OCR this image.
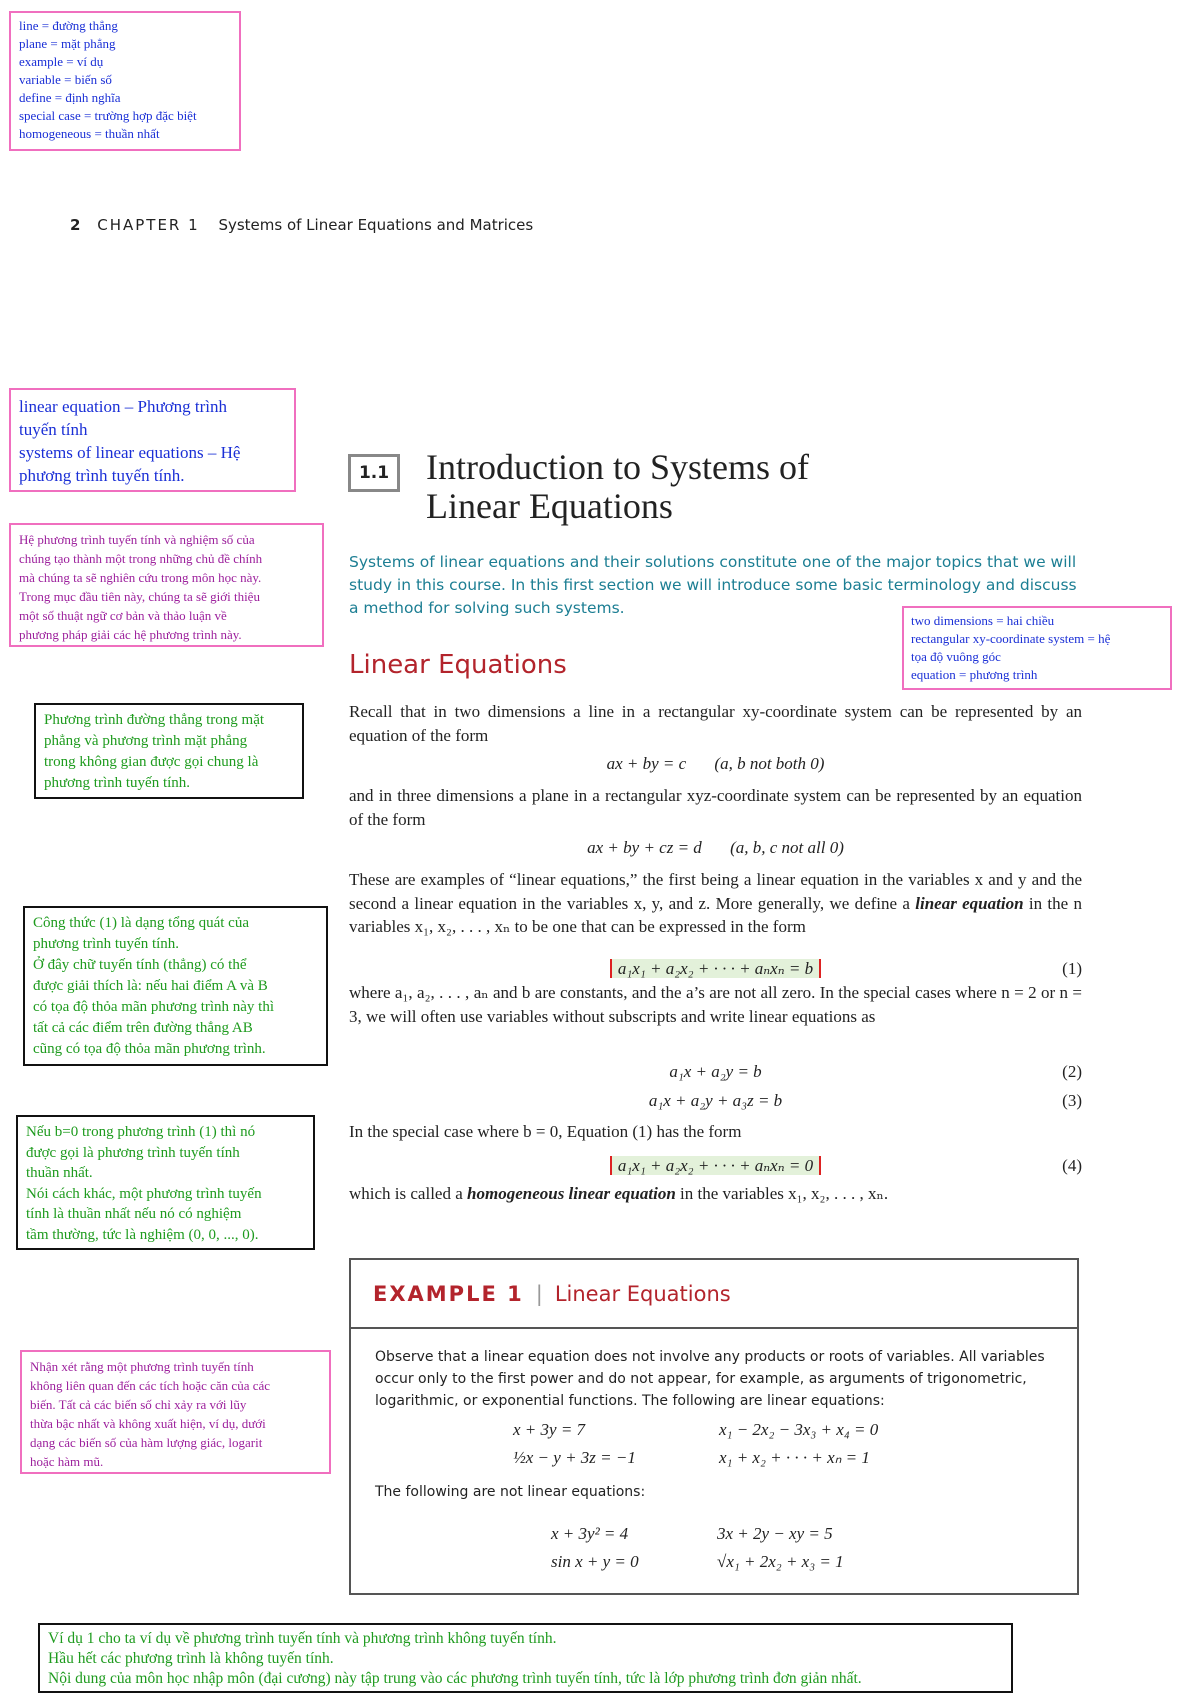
line = đường thẳng
plane = mặt phẳng
example = ví dụ
variable = biến số
define = định nghĩa
special case = trường hợp đặc biệt
homogeneous = thuần nhất
2 CHAPTER 1 Systems of Linear Equations and Matrices
linear equation – Phương trình
tuyến tính
systems of linear equations – Hệ
phương trình tuyến tính.
Hệ phương trình tuyến tính và nghiệm số của
chúng tạo thành một trong những chủ đề chính
mà chúng ta sẽ nghiên cứu trong môn học này.
Trong mục đầu tiên này, chúng ta sẽ giới thiệu
một số thuật ngữ cơ bản và thảo luận về
phương pháp giải các hệ phương trình này.
Phương trình đường thẳng trong mặt
phẳng và phương trình mặt phẳng
trong không gian được gọi chung là
phương trình tuyến tính.
Công thức (1) là dạng tổng quát của
phương trình tuyến tính.
Ở đây chữ tuyến tính (thẳng) có thể
được giải thích là: nếu hai điểm A và B
có tọa độ thỏa mãn phương trình này thì
tất cả các điểm trên đường thẳng AB
cũng có tọa độ thỏa mãn phương trình.
Nếu b=0 trong phương trình (1) thì nó
được gọi là phương trình tuyến tính
thuần nhất.
Nói cách khác, một phương trình tuyến
tính là thuần nhất nếu nó có nghiệm
tầm thường, tức là nghiệm (0, 0, ..., 0).
two dimensions = hai chiều
rectangular xy-coordinate system = hệ
tọa độ vuông góc
equation = phương trình
Nhận xét rằng một phương trình tuyến tính
không liên quan đến các tích hoặc căn của các
biến. Tất cả các biến số chỉ xảy ra với lũy
thừa bậc nhất và không xuất hiện, ví dụ, dưới
dạng các biến số của hàm lượng giác, logarit
hoặc hàm mũ.
1.1	Introduction to Systems of
Linear Equations
Systems of linear equations and their solutions constitute one of the major topics that we will study in this course. In this first section we will introduce some basic terminology and discuss a method for solving such systems.
Linear Equations
Recall that in two dimensions a line in a rectangular xy-coordinate system can be represented by an equation of the form
ax + by = c (a, b not both 0)
and in three dimensions a plane in a rectangular xyz-coordinate system can be represented by an equation of the form
ax + by + cz = d (a, b, c not all 0)
These are examples of “linear equations,” the first being a linear equation in the variables x and y and the second a linear equation in the variables x, y, and z. More generally, we define a linear equation in the n variables x₁, x₂, . . . , xₙ to be one that can be expressed in the form
a₁x₁ + a₂x₂ + · · · + aₙxₙ = b	(1)
where a₁, a₂, . . . , aₙ and b are constants, and the a’s are not all zero. In the special cases where n = 2 or n = 3, we will often use variables without subscripts and write linear equations as
a₁x + a₂y = b	(2)
a₁x + a₂y + a₃z = b	(3)
In the special case where b = 0, Equation (1) has the form
a₁x₁ + a₂x₂ + · · · + aₙxₙ = 0	(4)
which is called a homogeneous linear equation in the variables x₁, x₂, . . . , xₙ.
EXAMPLE 1 | Linear Equations
Observe that a linear equation does not involve any products or roots of variables. All variables occur only to the first power and do not appear, for example, as arguments of trigonometric, logarithmic, or exponential functions. The following are linear equations:
x + 3y = 7	x₁ − 2x₂ − 3x₃ + x₄ = 0
½x − y + 3z = −1	x₁ + x₂ + · · · + xₙ = 1
The following are not linear equations:
x + 3y² = 4	3x + 2y − xy = 5
sin x + y = 0	√x₁ + 2x₂ + x₃ = 1
Ví dụ 1 cho ta ví dụ về phương trình tuyến tính và phương trình không tuyến tính.
Hầu hết các phương trình là không tuyến tính.
Nội dung của môn học nhập môn (đại cương) này tập trung vào các phương trình tuyến tính, tức là lớp phương trình đơn giản nhất.
